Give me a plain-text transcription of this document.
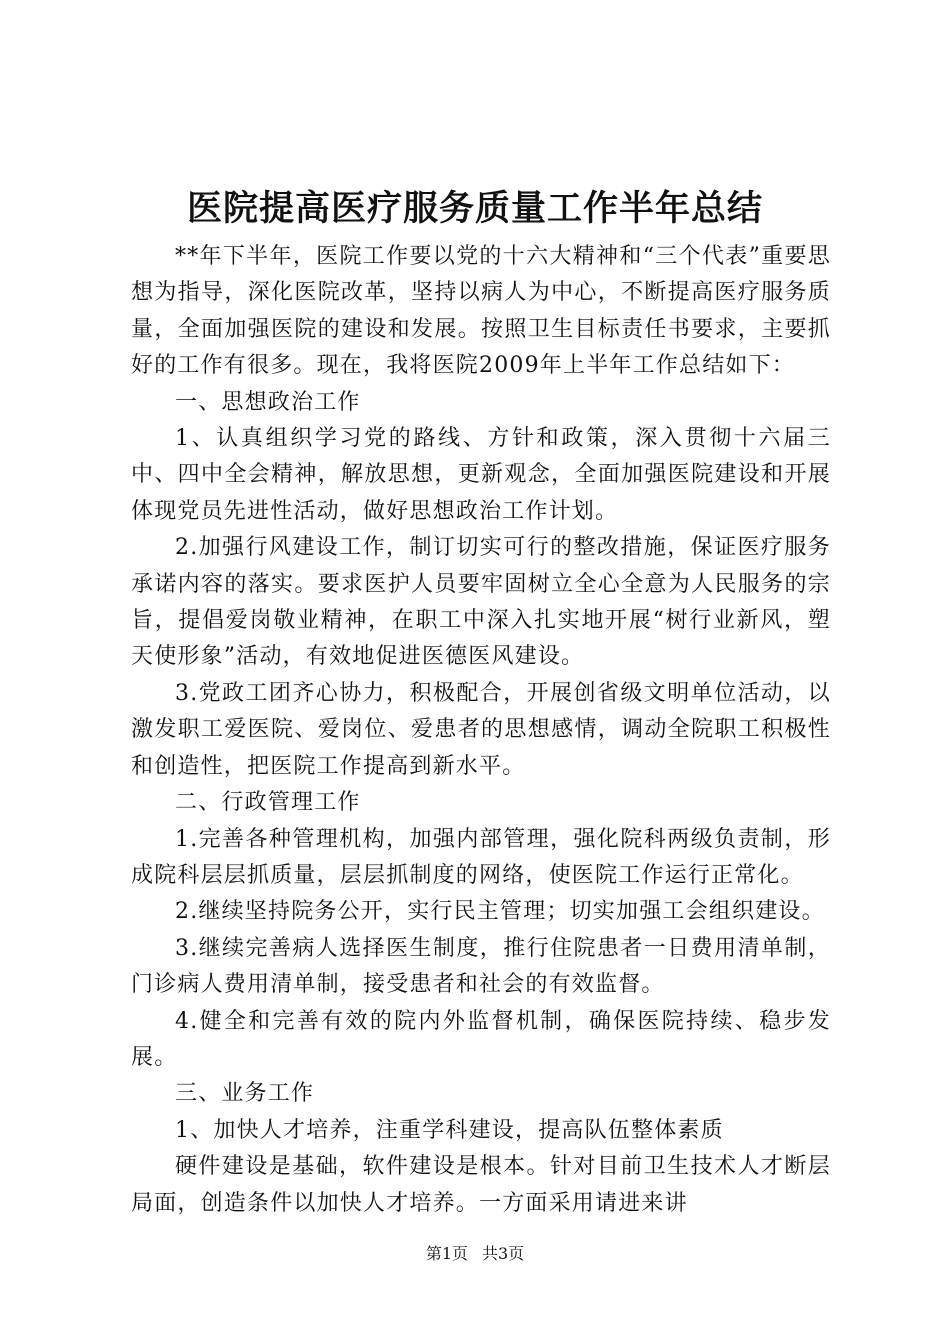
医院提高医疗服务质量工作半年总结

**年下半年，医院工作要以党的十六大精神和“三个代表”重要思想为指导，深化医院改革，坚持以病人为中心，不断提高医疗服务质量，全面加强医院的建设和发展。按照卫生目标责任书要求，主要抓好的工作有很多。现在，我将医院2009年上半年工作总结如下：

一、思想政治工作

1、认真组织学习党的路线、方针和政策，深入贯彻十六届三中、四中全会精神，解放思想，更新观念，全面加强医院建设和开展体现党员先进性活动，做好思想政治工作计划。

2.加强行风建设工作，制订切实可行的整改措施，保证医疗服务承诺内容的落实。要求医护人员要牢固树立全心全意为人民服务的宗旨，提倡爱岗敬业精神，在职工中深入扎实地开展“树行业新风，塑天使形象”活动，有效地促进医德医风建设。

3.党政工团齐心协力，积极配合，开展创省级文明单位活动，以激发职工爱医院、爱岗位、爱患者的思想感情，调动全院职工积极性和创造性，把医院工作提高到新水平。

二、行政管理工作

1.完善各种管理机构，加强内部管理，强化院科两级负责制，形成院科层层抓质量，层层抓制度的网络，使医院工作运行正常化。

2.继续坚持院务公开，实行民主管理；切实加强工会组织建设。

3.继续完善病人选择医生制度，推行住院患者一日费用清单制，门诊病人费用清单制，接受患者和社会的有效监督。

4.健全和完善有效的院内外监督机制，确保医院持续、稳步发展。

三、业务工作

1、加快人才培养，注重学科建设，提高队伍整体素质

硬件建设是基础，软件建设是根本。针对目前卫生技术人才断层局面，创造条件以加快人才培养。一方面采用请进来讲

第1页 共3页
